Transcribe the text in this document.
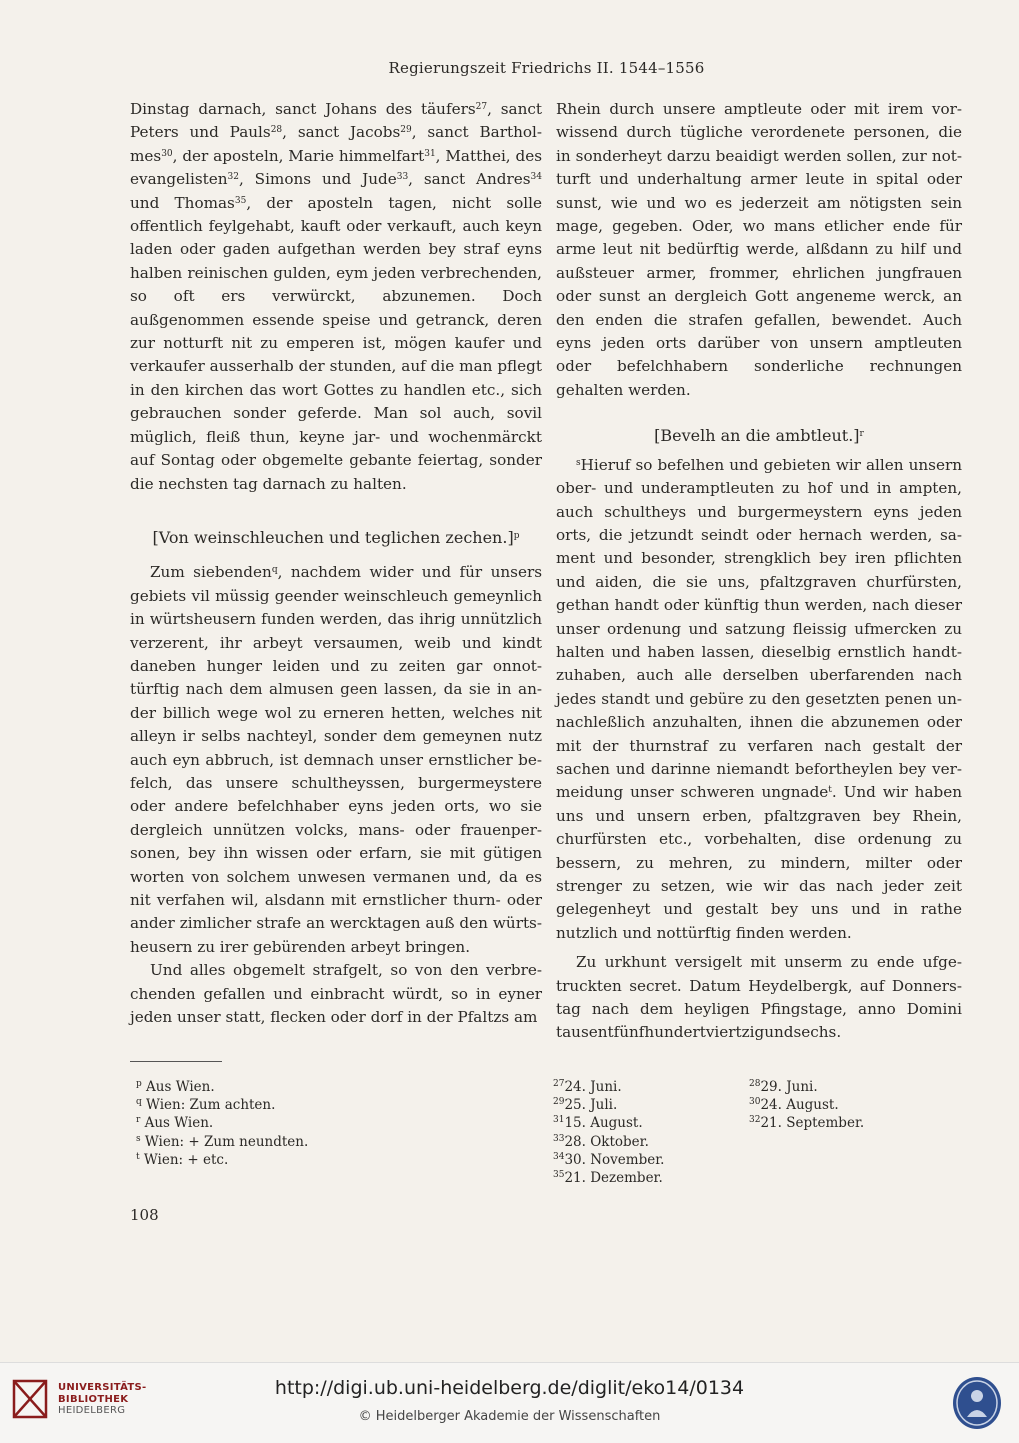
Regierungszeit Friedrichs II. 1544–1556

Dinstag darnach, sanct Johans des täufers$^{27}$, sanct Peters und Pauls$^{28}$, sanct Jacobs$^{29}$, sanct Bartholmes$^{30}$, der aposteln, Marie himmelfart$^{31}$, Matthei, des evangelisten$^{32}$, Simons und Jude$^{33}$, sanct Andres$^{34}$ und Thomas$^{35}$, der aposteln tagen, nicht solle offentlich feylgehabt, kauft oder verkauft, auch keyn laden oder gaden aufgethan werden bey straf eyns halben reinischen gulden, eym jeden verbrechenden, so oft ers verwürckt, abzunemen. Doch außgenommen essende speise und getranck, deren zur notturft nit zu emperen ist, mögen kaufer und verkaufer ausserhalb der stunden, auf die man pflegt in den kirchen das wort Gottes zu handlen etc., sich gebrauchen sonder geferde. Man sol auch, sovil müglich, fleiß thun, keyne jar- und wochenmärckt auf Sontag oder obgemelte gebante feiertag, sonder die nechsten tag darnach zu halten.

[Von weinschleuchen und teglichen zechen.]$^p$

Zum siebenden$^q$, nachdem wider und für unsers gebiets vil müssig geender weinschleuch gemeynlich in würtsheusern funden werden, das ihrig unnützlich verzerent, ihr arbeyt versaumen, weib und kindt daneben hunger leiden und zu zeiten gar onnottürftig nach dem almusen geen lassen, da sie in ander billich wege wol zu erneren hetten, welches nit alleyn ir selbs nachteyl, sonder dem gemeynen nutz auch eyn abbruch, ist demnach unser ernstlicher befelch, das unsere schultheyssen, burgermeystere oder andere befelchhaber eyns jeden orts, wo sie dergleich unnützen volcks, mans- oder frauenpersonen, bey ihn wissen oder erfarn, sie mit gütigen worten von solchem unwesen vermanen und, da es nit verfahen wil, alsdann mit ernstlicher thurn- oder ander zimlicher strafe an wercktagen auß den würtsheusern zu irer gebürenden arbeyt bringen.

Und alles obgemelt strafgelt, so von den verbrechenden gefallen und einbracht würdt, so in eyner jeden unser statt, flecken oder dorf in der Pfaltzs am

Rhein durch unsere amptleute oder mit irem vorwissend durch tügliche verordenete personen, die in sonderheyt darzu beaidigt werden sollen, zur notturft und underhaltung armer leute in spital oder sunst, wie und wo es jederzeit am nötigsten sein mage, gegeben. Oder, wo mans etlicher ende für arme leut nit bedürftig werde, alßdann zu hilf und außsteuer armer, frommer, ehrlichen jungfrauen oder sunst an dergleich Gott angeneme werck, an den enden die strafen gefallen, bewendet. Auch eyns jeden orts darüber von unsern amptleuten oder befelchhabern sonderliche rechnungen gehalten werden.

[Bevelh an die ambtleut.]$^r$

$^s$Hieruf so befelhen und gebieten wir allen unsern ober- und underamptleuten zu hof und in ampten, auch schultheys und burgermeystern eyns jeden orts, die jetzundt seindt oder hernach werden, sament und besonder, strengklich bey iren pflichten und aiden, die sie uns, pfaltzgraven churfürsten, gethan handt oder künftig thun werden, nach dieser unser ordenung und satzung fleissig ufmercken zu halten und haben lassen, dieselbig ernstlich handtzuhaben, auch alle derselben uberfarenden nach jedes standt und gebüre zu den gesetzten penen unnachleßlich anzuhalten, ihnen die abzunemen oder mit der thurnstraf zu verfaren nach gestalt der sachen und darinne niemandt befortheylen bey vermeidung unser schweren ungnade$^t$. Und wir haben uns und unsern erben, pfaltzgraven bey Rhein, churfürsten etc., vorbehalten, dise ordenung zu bessern, zu mehren, zu mindern, milter oder strenger zu setzen, wie wir das nach jeder zeit gelegenheyt und gestalt bey uns und in rathe nutzlich und nottürftig finden werden.

Zu urkhunt versigelt mit unserm zu ende ufgetruckten secret. Datum Heydelbergk, auf Donnerstag nach dem heyligen Pfingstage, anno Domini tausentfünfhundertviertzigundsechs.

$^p$ Aus Wien.
$^q$ Wien: Zum achten.
$^r$ Aus Wien.
$^s$ Wien: + Zum neundten.
$^t$ Wien: + etc.
$^{27}$24. Juni.	$^{28}$29. Juni.
$^{29}$25. Juli.	$^{30}$24. August.
$^{31}$15. August.	$^{32}$21. September.
$^{33}$28. Oktober.
$^{34}$30. November.
$^{35}$21. Dezember.
108
UNIVERSITÄTS-
BIBLIOTHEK
HEIDELBERG
http://digi.ub.uni-heidelberg.de/diglit/eko14/0134
© Heidelberger Akademie der Wissenschaften
